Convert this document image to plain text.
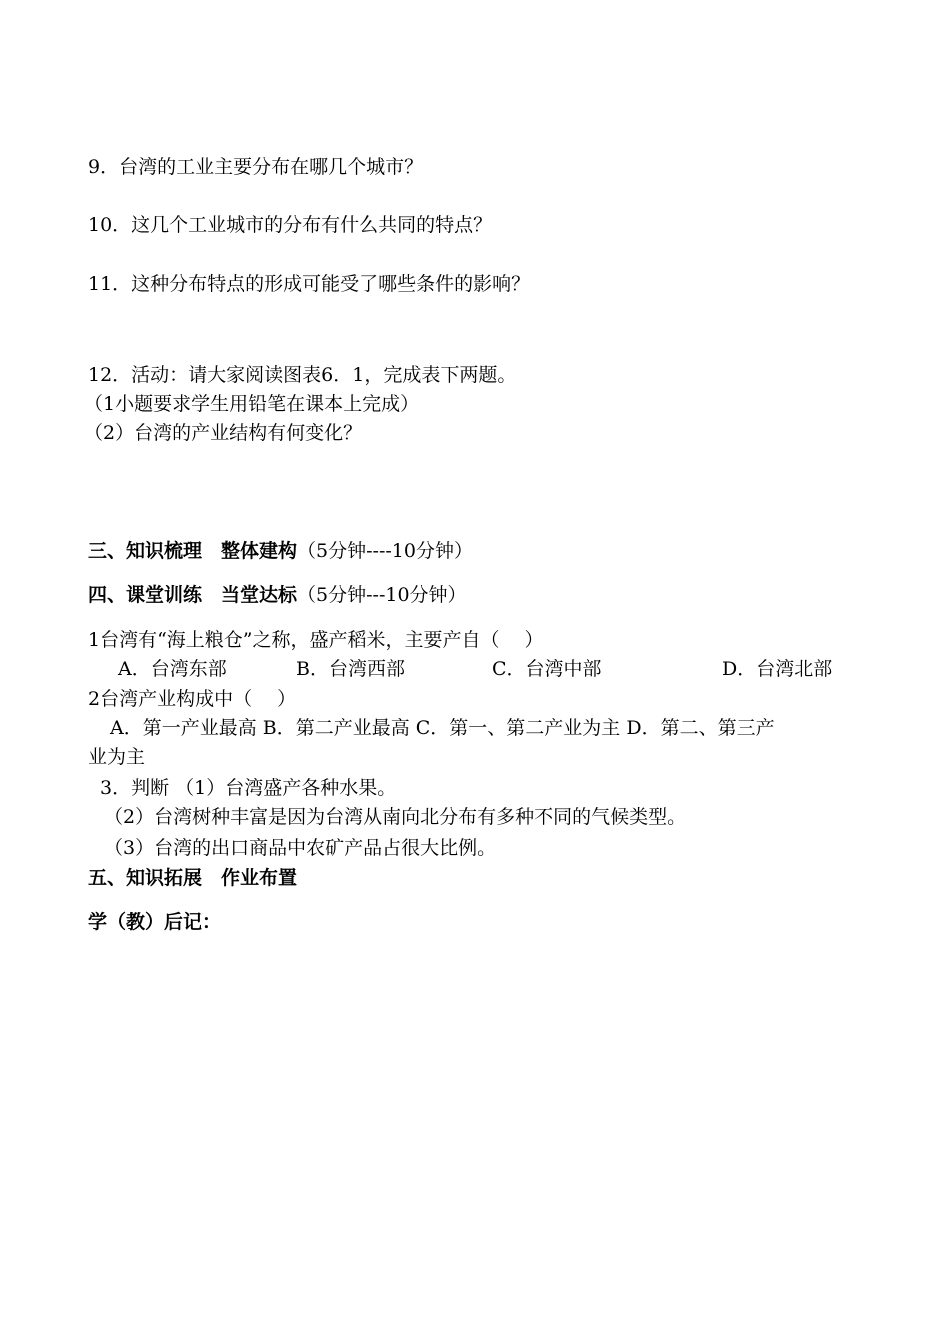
9．台湾的工业主要分布在哪几个城市？
10．这几个工业城市的分布有什么共同的特点？
11．这种分布特点的形成可能受了哪些条件的影响？
12．活动：请大家阅读图表6．1，完成表下两题。
（1小题要求学生用铅笔在课本上完成）
（2）台湾的产业结构有何变化？
三、知识梳理　整体建构（5分钟----10分钟）
四、课堂训练　当堂达标（5分钟---10分钟）
1台湾有“海上粮仓”之称，盛产稻米，主要产自（　 ）
A．台湾东部	B．台湾西部	C．台湾中部	D．台湾北部
2台湾产业构成中（　 ）
A．第一产业最高 B．第二产业最高 C．第一、第二产业为主 D．第二、第三产
业为主
3．判断 （1）台湾盛产各种水果。
（2）台湾树种丰富是因为台湾从南向北分布有多种不同的气候类型。
（3）台湾的出口商品中农矿产品占很大比例。
五、知识拓展　作业布置
学（教）后记：
